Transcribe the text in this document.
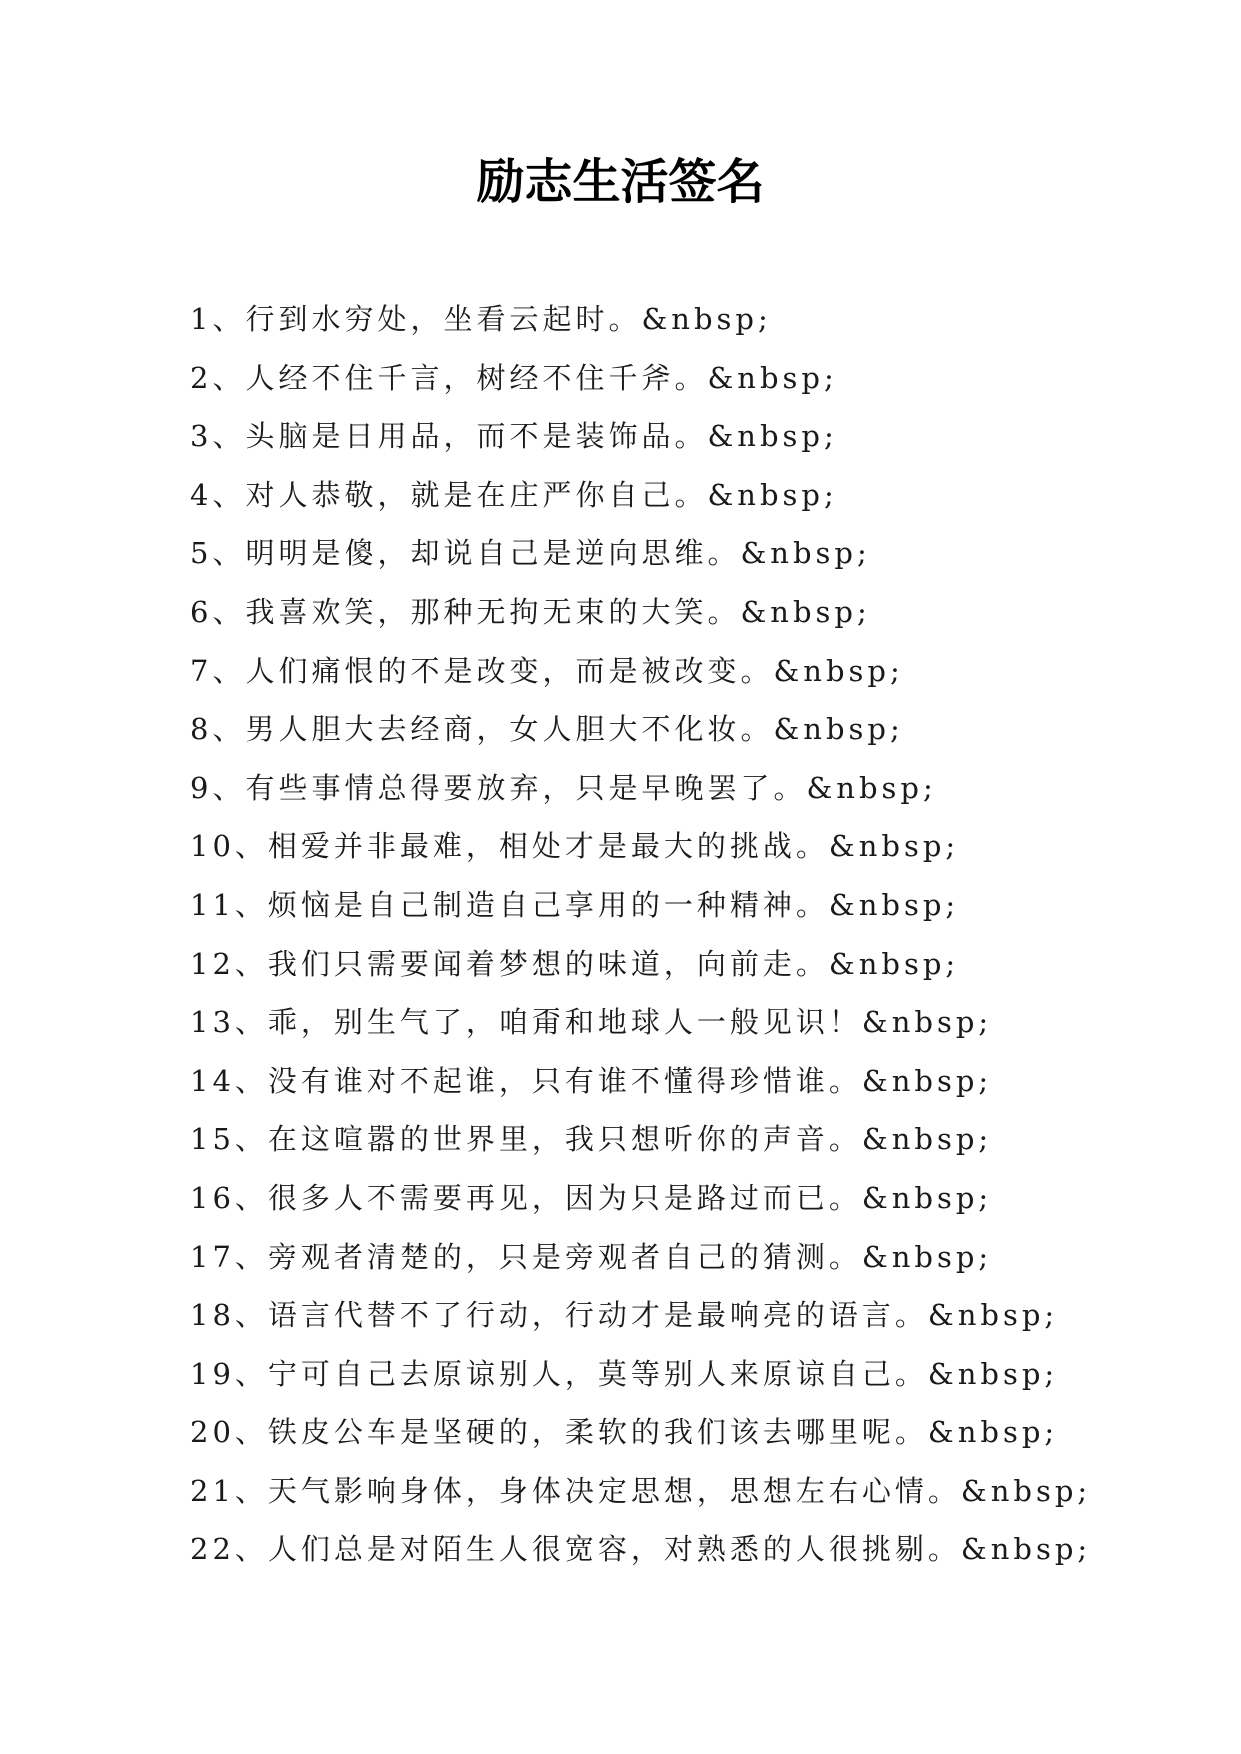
励志生活签名
1、行到水穷处，坐看云起时。&nbsp;
2、人经不住千言，树经不住千斧。&nbsp;
3、头脑是日用品，而不是装饰品。&nbsp;
4、对人恭敬，就是在庄严你自己。&nbsp;
5、明明是傻，却说自己是逆向思维。&nbsp;
6、我喜欢笑，那种无拘无束的大笑。&nbsp;
7、人们痛恨的不是改变，而是被改变。&nbsp;
8、男人胆大去经商，女人胆大不化妆。&nbsp;
9、有些事情总得要放弃，只是早晚罢了。&nbsp;
10、相爱并非最难，相处才是最大的挑战。&nbsp;
11、烦恼是自己制造自己享用的一种精神。&nbsp;
12、我们只需要闻着梦想的味道，向前走。&nbsp;
13、乖，别生气了，咱甭和地球人一般见识！&nbsp;
14、没有谁对不起谁，只有谁不懂得珍惜谁。&nbsp;
15、在这喧嚣的世界里，我只想听你的声音。&nbsp;
16、很多人不需要再见，因为只是路过而已。&nbsp;
17、旁观者清楚的，只是旁观者自己的猜测。&nbsp;
18、语言代替不了行动，行动才是最响亮的语言。&nbsp;
19、宁可自己去原谅别人，莫等别人来原谅自己。&nbsp;
20、铁皮公车是坚硬的，柔软的我们该去哪里呢。&nbsp;
21、天气影响身体，身体决定思想，思想左右心情。&nbsp;
22、人们总是对陌生人很宽容，对熟悉的人很挑剔。&nbsp;
